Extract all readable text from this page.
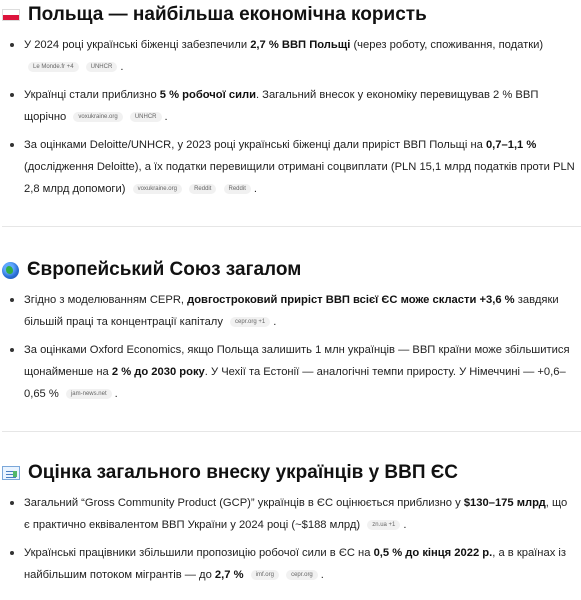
Польща — найбільша економічна користь
У 2024 році українські біженці забезпечили 2,7 % ВВП Польщі (через роботу, споживання, податки) Le Monde.fr +4	UNHCR .
Українці стали приблизно 5 % робочої сили. Загальний внесок у економіку перевищував 2 % ВВП щорічно voxukraine.org	UNHCR .
За оцінками Deloitte/UNHCR, у 2023 році українські біженці дали приріст ВВП Польщі на 0,7–1,1 % (дослідження Deloitte), а їх податки перевищили отримані соцвиплати (PLN 15,1 млрд податків проти PLN 2,8 млрд допомоги) voxukraine.org	Reddit	Reddit .
Європейський Союз загалом
Згідно з моделюванням CEPR, довгостроковий приріст ВВП всієї ЄС може скласти +3,6 % завдяки більшій праці та концентрації капіталу cepr.org +1 .
За оцінками Oxford Economics, якщо Польща залишить 1 млн українців — ВВП країни може збільшитися щонайменше на 2 % до 2030 року. У Чехії та Естонії — аналогічні темпи приросту. У Німеччині — +0,6–0,65 % jam-news.net .
Оцінка загального внеску українців у ВВП ЄС
Загальний “Gross Community Product (GCP)” українців в ЄС оцінюється приблизно у $130–175 млрд, що є практично еквівалентом ВВП України у 2024 році (~$188 млрд) zn.ua +1 .
Українські працівники збільшили пропозицію робочої сили в ЄС на 0,5 % до кінця 2022 р., а в країнах із найбільшим потоком мігрантів — до 2,7 % imf.org	cepr.org .
